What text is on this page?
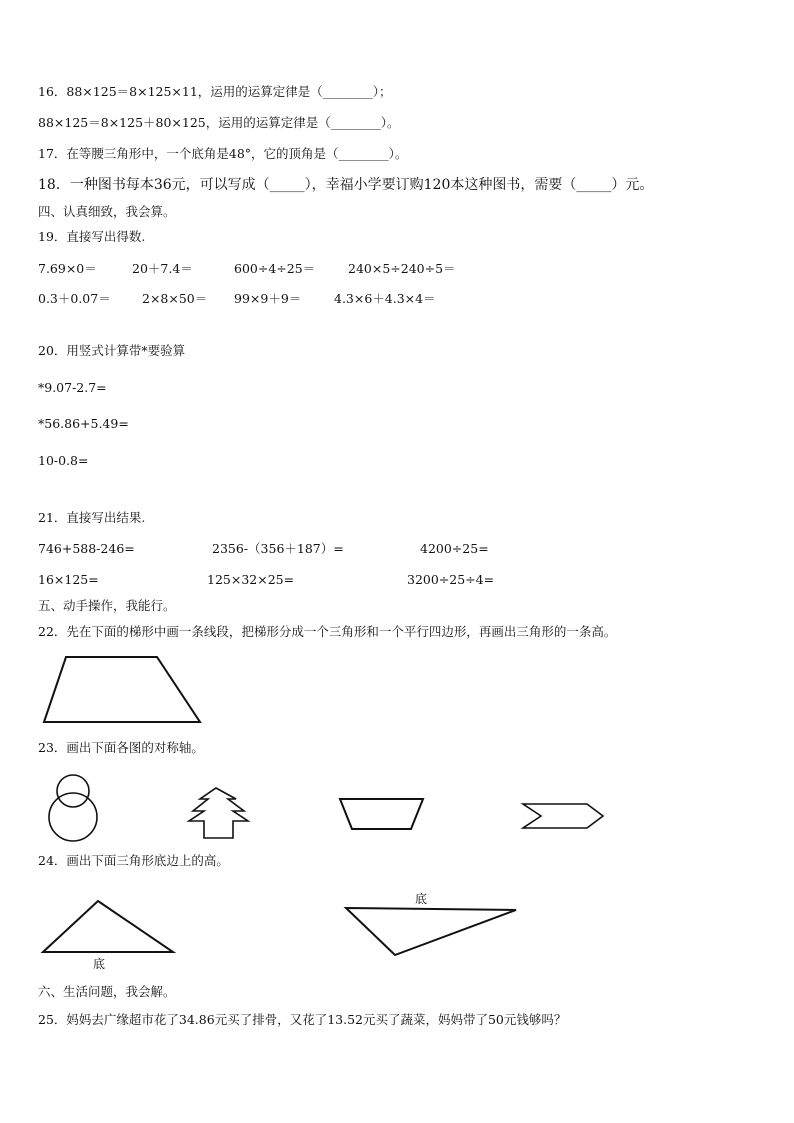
16．88×125＝8×125×11，运用的运算定律是（________）；
88×125＝8×125＋80×125，运用的运算定律是（________）。
17．在等腰三角形中，一个底角是48°，它的顶角是（________）。
18．一种图书每本36元，可以写成（_____），幸福小学要订购120本这种图书，需要（_____）元。
四、认真细致，我会算。
19．直接写出得数.
7.69×0＝	20＋7.4＝	600÷4÷25＝	240×5÷240÷5＝
0.3＋0.07＝	2×8×50＝ 99×9＋9＝	4.3×6＋4.3×4＝
20．用竖式计算带*要验算
*9.07-2.7=
*56.86+5.49=
10-0.8=
21．直接写出结果.
746+588-246=	2356-（356＋187）=	4200÷25=
16×125=	125×32×25=	3200÷25÷4=
五、动手操作，我能行。
22．先在下面的梯形中画一条线段，把梯形分成一个三角形和一个平行四边形，再画出三角形的一条高。
23．画出下面各图的对称轴。
24．画出下面三角形底边上的高。
底
底
六、生活问题，我会解。
25．妈妈去广缘超市花了34.86元买了排骨，又花了13.52元买了蔬菜，妈妈带了50元钱够吗？
